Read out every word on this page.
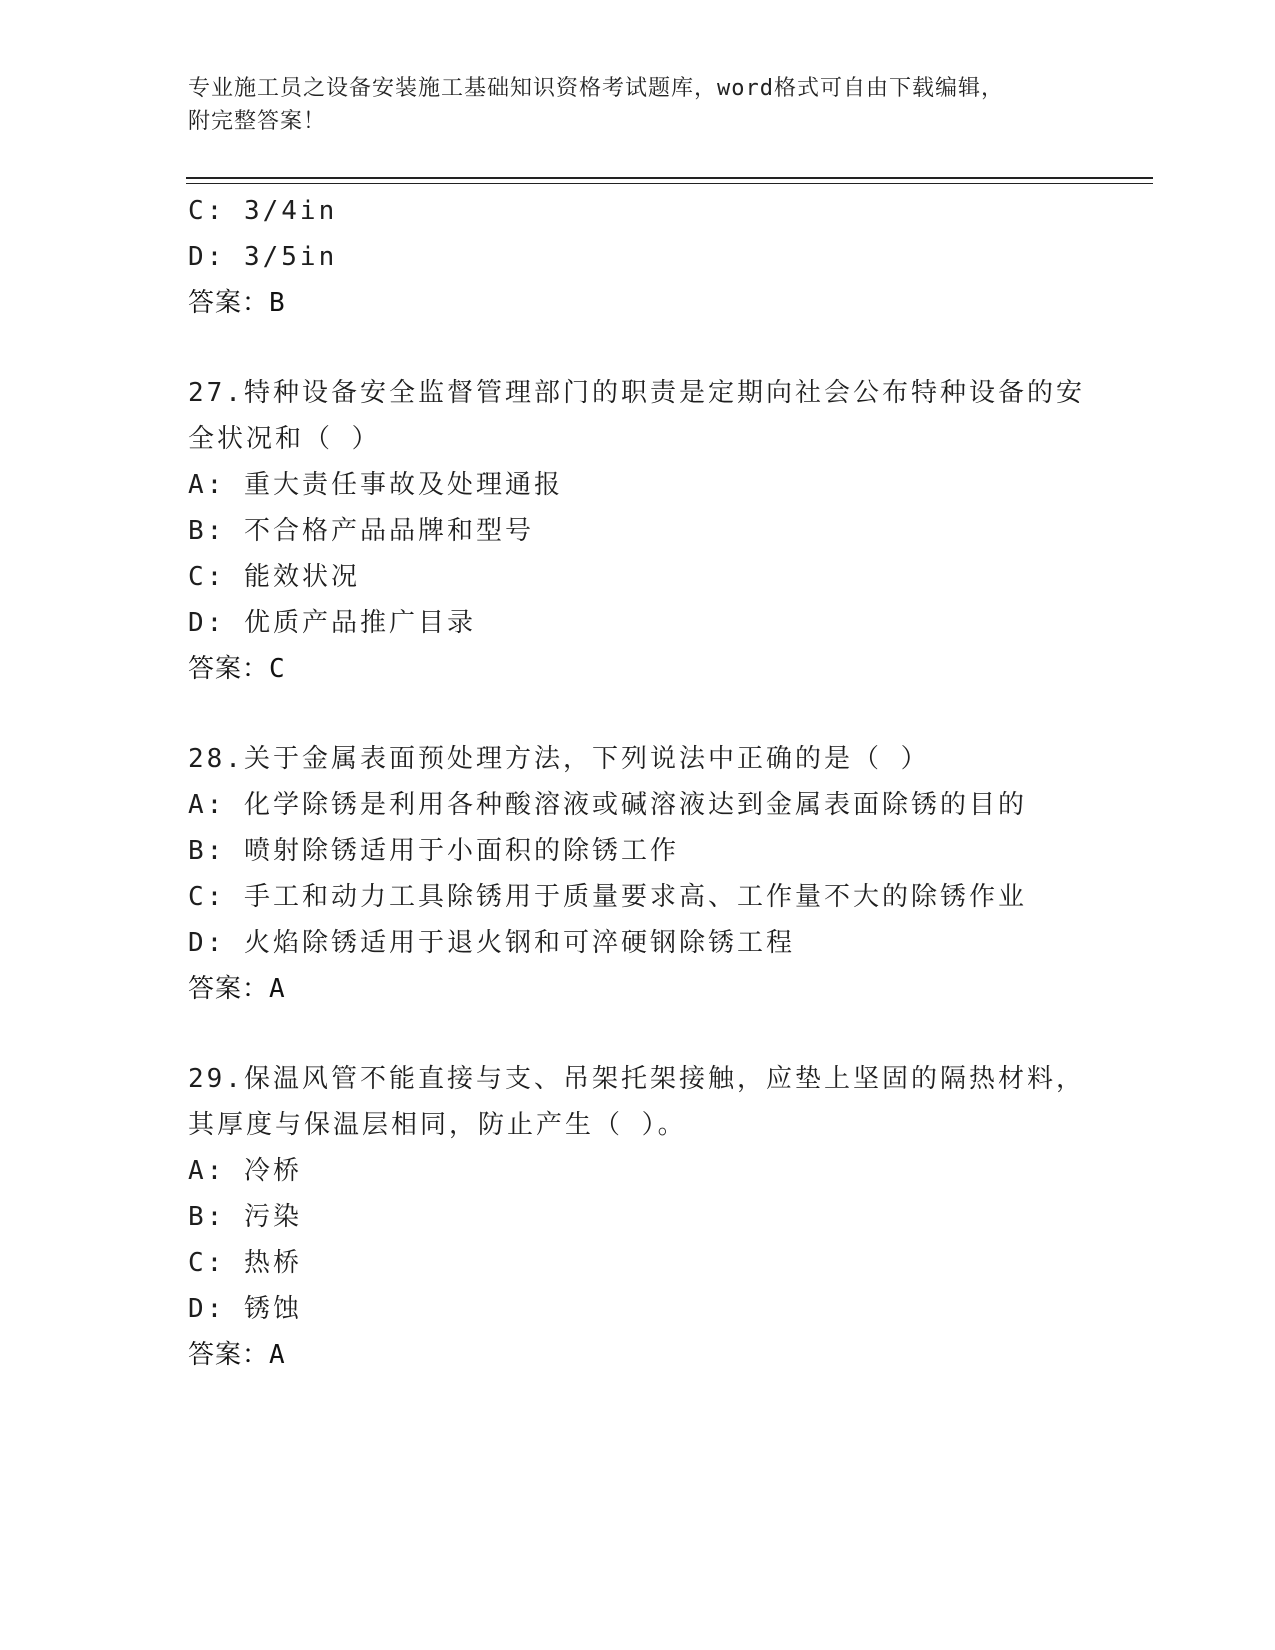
专业施工员之设备安装施工基础知识资格考试题库，word格式可自由下载编辑，
附完整答案！
C: 3/4in
D: 3/5in
答案：B
27.特种设备安全监督管理部门的职责是定期向社会公布特种设备的安
全状况和（ ）
A: 重大责任事故及处理通报
B: 不合格产品品牌和型号
C: 能效状况
D: 优质产品推广目录
答案：C
28.关于金属表面预处理方法，下列说法中正确的是（ ）
A: 化学除锈是利用各种酸溶液或碱溶液达到金属表面除锈的目的
B: 喷射除锈适用于小面积的除锈工作
C: 手工和动力工具除锈用于质量要求高、工作量不大的除锈作业
D: 火焰除锈适用于退火钢和可淬硬钢除锈工程
答案：A
29.保温风管不能直接与支、吊架托架接触，应垫上坚固的隔热材料，
其厚度与保温层相同，防止产生（ ）。
A: 冷桥
B: 污染
C: 热桥
D: 锈蚀
答案：A
